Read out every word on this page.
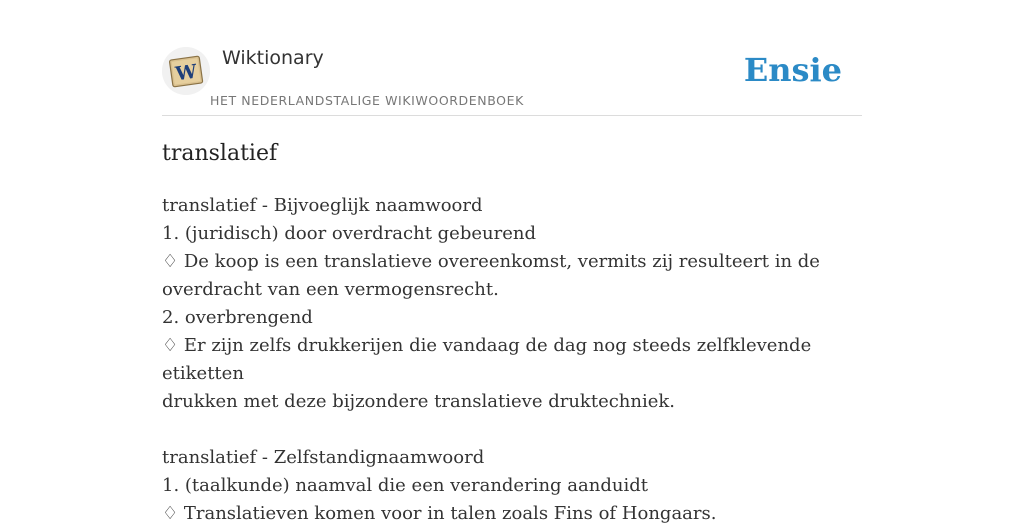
W
Wiktionary
HET NEDERLANDSTALIGE WIKIWOORDENBOEK
Ensie
translatief
translatief - Bijvoeglijk naamwoord
1. (juridisch) door overdracht gebeurend
♢ De koop is een translatieve overeenkomst, vermits zij resulteert in de
overdracht van een vermogensrecht.
2. overbrengend
♢ Er zijn zelfs drukkerijen die vandaag de dag nog steeds zelfklevende etiketten
drukken met deze bijzondere translatieve druktechniek.
translatief - Zelfstandignaamwoord
1. (taalkunde) naamval die een verandering aanduidt
♢ Translatieven komen voor in talen zoals Fins of Hongaars.
